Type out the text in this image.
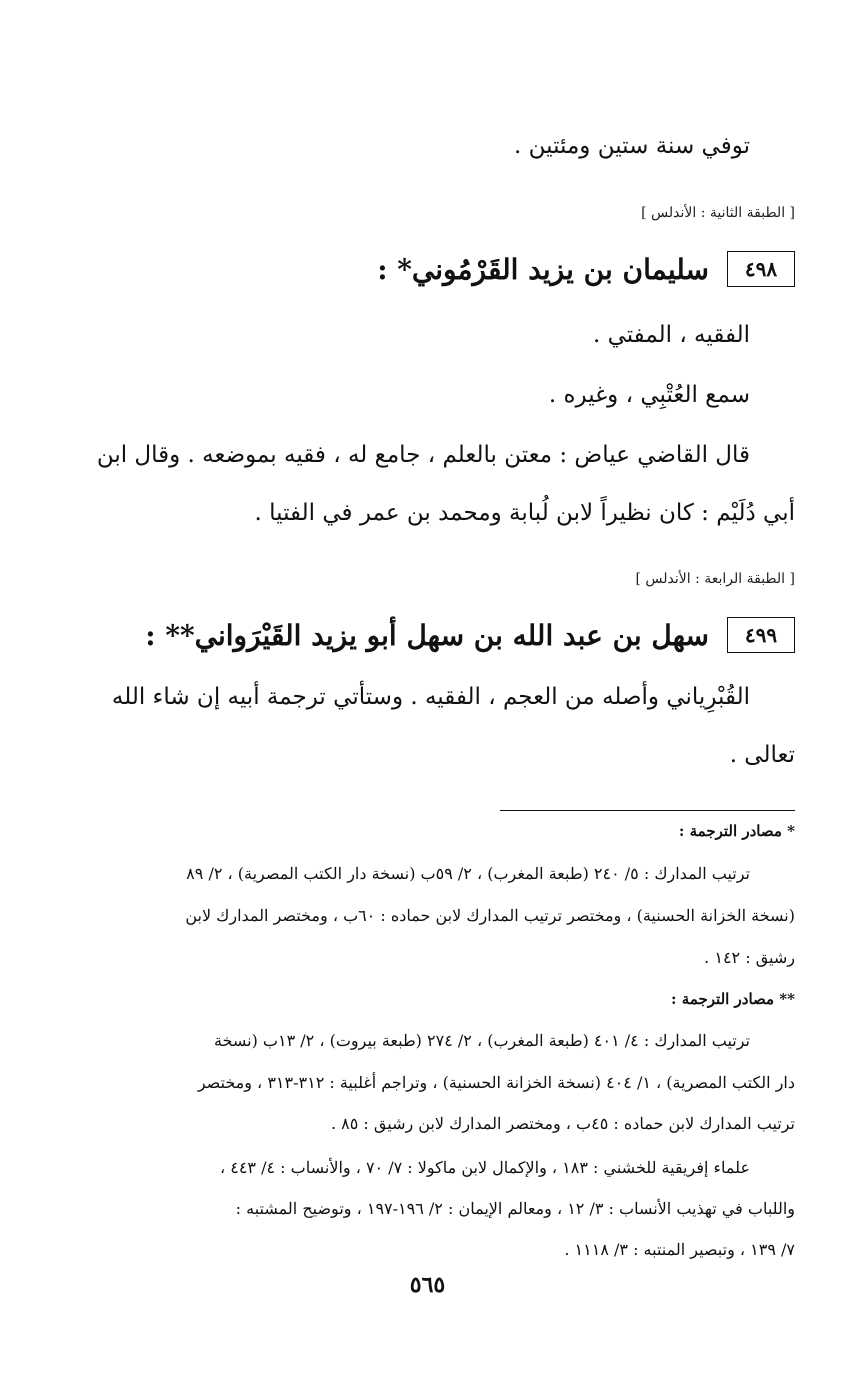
توفي سنة ستين ومئتين .
[ الطبقة الثانية : الأندلس ]
٤٩٨
سليمان بن يزيد القَرْمُوني* :
الفقيه ، المفتي .
سمع العُتْبِي ، وغيره .
قال القاضي عياض : معتن بالعلم ، جامع له ، فقيه بموضعه . وقال ابن
أبي دُلَيْم : كان نظيراً لابن لُبابة ومحمد بن عمر في الفتيا .
[ الطبقة الرابعة : الأندلس ]
٤٩٩
سهل بن عبد الله بن سهل أبو يزيد القَيْرَواني** :
القُبْرِياني وأصله من العجم ، الفقيه . وستأتي ترجمة أبيه إن شاء الله
تعالى .
* مصادر الترجمة :
ترتيب المدارك : ٥/ ٢٤٠ (طبعة المغرب) ، ٢/ ٥٩ب (نسخة دار الكتب المصرية) ، ٢/ ٨٩
(نسخة الخزانة الحسنية) ، ومختصر ترتيب المدارك لابن حماده : ٦٠ب ، ومختصر المدارك لابن
رشيق : ١٤٢ .
** مصادر الترجمة :
ترتيب المدارك : ٤/ ٤٠١ (طبعة المغرب) ، ٢/ ٢٧٤ (طبعة بيروت) ، ٢/ ١٣ب (نسخة
دار الكتب المصرية) ، ١/ ٤٠٤ (نسخة الخزانة الحسنية) ، وتراجم أغلبية : ٣١٢-٣١٣ ، ومختصر
ترتيب المدارك لابن حماده : ٤٥ب ، ومختصر المدارك لابن رشيق : ٨٥ .
علماء إفريقية للخشني : ١٨٣ ، والإكمال لابن ماكولا : ٧/ ٧٠ ، والأنساب : ٤/ ٤٤٣ ،
واللباب في تهذيب الأنساب : ٣/ ١٢ ، ومعالم الإيمان : ٢/ ١٩٦-١٩٧ ، وتوضيح المشتبه :
٧/ ١٣٩ ، وتبصير المنتبه : ٣/ ١١١٨ .
٥٦٥
